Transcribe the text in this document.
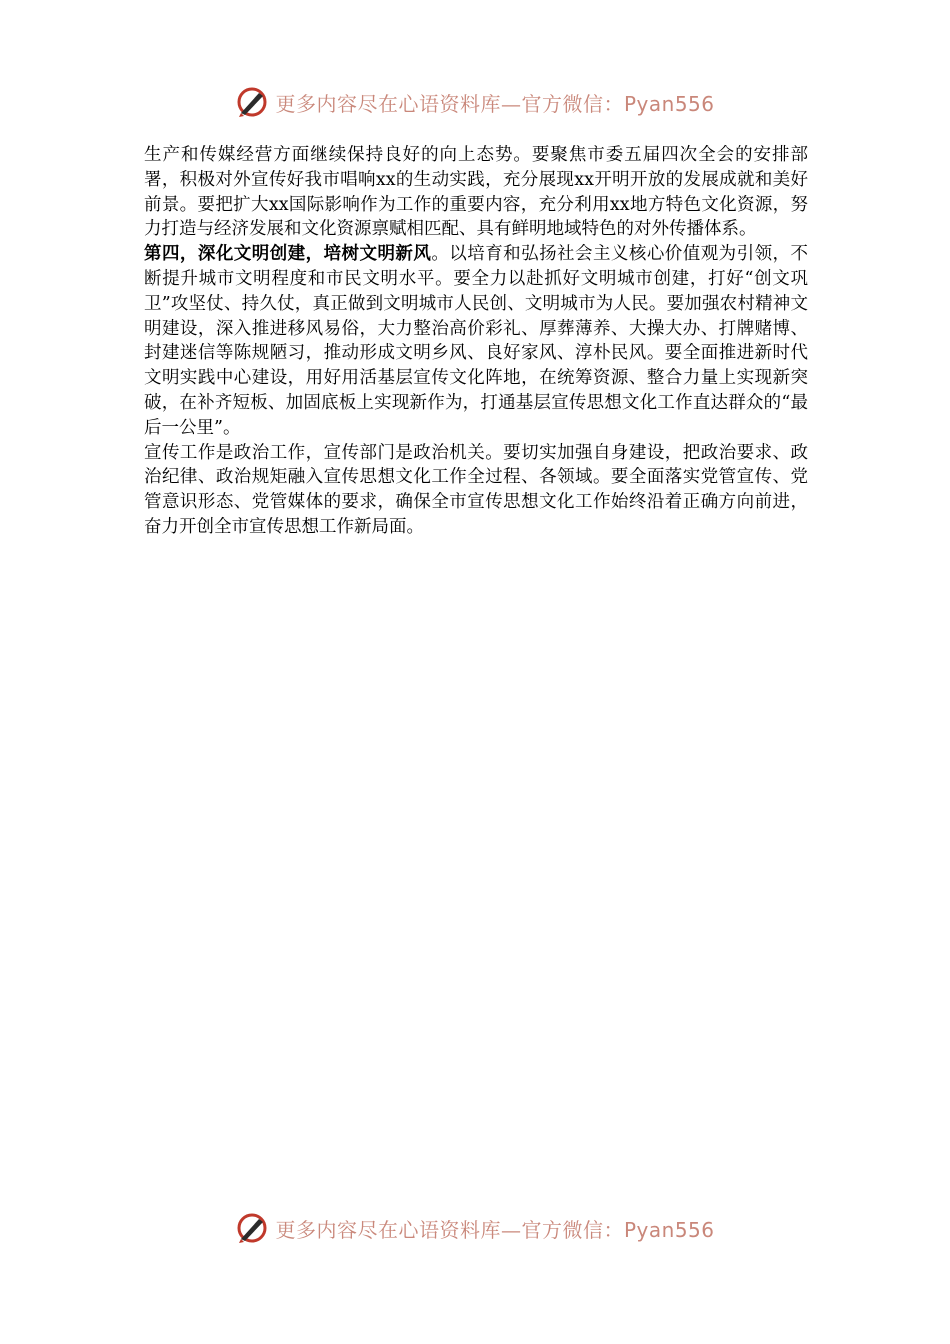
更多内容尽在心语资料库—官方微信：Pyan556

生产和传媒经营方面继续保持良好的向上态势。要聚焦市委五届四次全会的安排部署，积极对外宣传好我市唱响xx的生动实践，充分展现xx开明开放的发展成就和美好前景。要把扩大xx国际影响作为工作的重要内容，充分利用xx地方特色文化资源，努力打造与经济发展和文化资源禀赋相匹配、具有鲜明地域特色的对外传播体系。

第四，深化文明创建，培树文明新风。以培育和弘扬社会主义核心价值观为引领，不断提升城市文明程度和市民文明水平。要全力以赴抓好文明城市创建，打好“创文巩卫”攻坚仗、持久仗，真正做到文明城市人民创、文明城市为人民。要加强农村精神文明建设，深入推进移风易俗，大力整治高价彩礼、厚葬薄养、大操大办、打牌赌博、封建迷信等陈规陋习，推动形成文明乡风、良好家风、淳朴民风。要全面推进新时代文明实践中心建设，用好用活基层宣传文化阵地，在统筹资源、整合力量上实现新突破，在补齐短板、加固底板上实现新作为，打通基层宣传思想文化工作直达群众的“最后一公里”。

宣传工作是政治工作，宣传部门是政治机关。要切实加强自身建设，把政治要求、政治纪律、政治规矩融入宣传思想文化工作全过程、各领域。要全面落实党管宣传、党管意识形态、党管媒体的要求，确保全市宣传思想文化工作始终沿着正确方向前进，奋力开创全市宣传思想工作新局面。

更多内容尽在心语资料库—官方微信：Pyan556
